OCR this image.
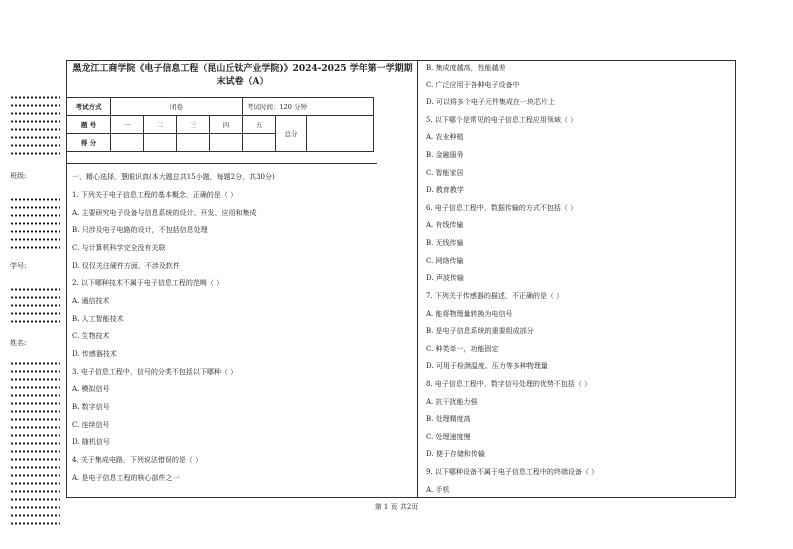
班级:
学号:
姓名:
黑龙江工商学院《电子信息工程（昆山丘钛产业学院)》2024-2025 学年第一学期期末试卷（A）
考试方式	闭卷				考试时间：120 分钟		
题 号	一	二	三	四	五	总分	
得 分							
一、精心选择，慧眼识真(本大题总共15小题，每题2分，共30分)
1. 下列关于电子信息工程的基本概念，正确的是（ ）
A. 主要研究电子设备与信息系统的设计、开发、应用和集成
B. 只涉及电子电路的设计，不包括信息处理
C. 与计算机科学完全没有关联
D. 仅仅关注硬件方面，不涉及软件
2. 以下哪种技术不属于电子信息工程的范畴（ ）
A. 通信技术
B. 人工智能技术
C. 生物技术
D. 传感器技术
3. 电子信息工程中，信号的分类不包括以下哪种（ ）
A. 模拟信号
B. 数字信号
C. 连续信号
D. 随机信号
4. 关于集成电路，下列说法错误的是（ ）
A. 是电子信息工程的核心部件之一
B. 集成度越高，性能越差
C. 广泛应用于各种电子设备中
D. 可以将多个电子元件集成在一块芯片上
5. 以下哪个是常见的电子信息工程应用领域（ ）
A. 农业种植
B. 金融服务
C. 智能家居
D. 教育教学
6. 电子信息工程中，数据传输的方式不包括（ ）
A. 有线传输
B. 无线传输
C. 网络传输
D. 声波传输
7. 下列关于传感器的描述，不正确的是（ ）
A. 能将物理量转换为电信号
B. 是电子信息系统的重要组成部分
C. 种类单一，功能固定
D. 可用于检测温度、压力等多种物理量
8. 电子信息工程中，数字信号处理的优势不包括（ ）
A. 抗干扰能力强
B. 处理精度高
C. 处理速度慢
D. 便于存储和传输
9. 以下哪种设备不属于电子信息工程中的终端设备（ ）
A. 手机
第 1 页 共2页
